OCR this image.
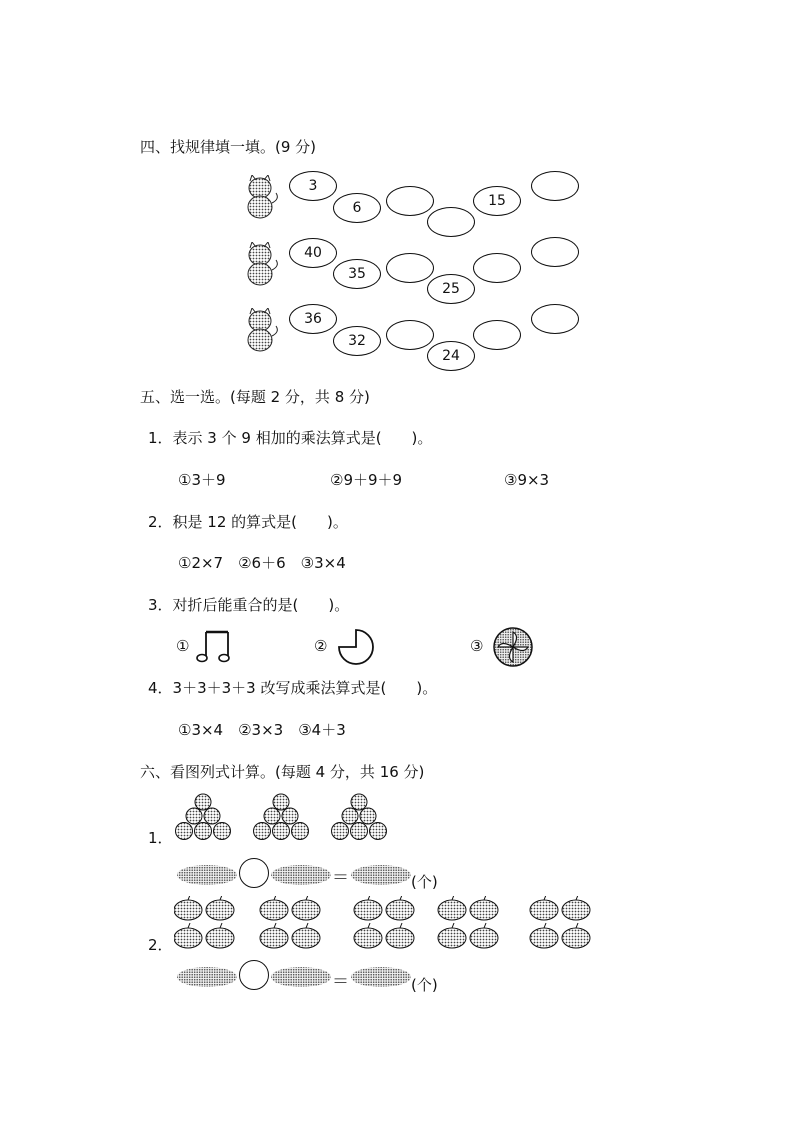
四、找规律填一填。(9 分)
3
6	15
40
35
25
36
32
24
五、选一选。(每题 2 分，共 8 分)
1．表示 3 个 9 相加的乘法算式是(　　)。
①3＋9	②9＋9＋9	③9×3
2．积是 12 的算式是(　　)。
①2×7　②6＋6　③3×4
3．对折后能重合的是(　　)。
①	②	③
4．3＋3＋3＋3 改写成乘法算式是(　　)。
①3×4　②3×3　③4＋3
六、看图列式计算。(每题 4 分，共 16 分)
1．
＝	(个)
2．
＝	(个)
